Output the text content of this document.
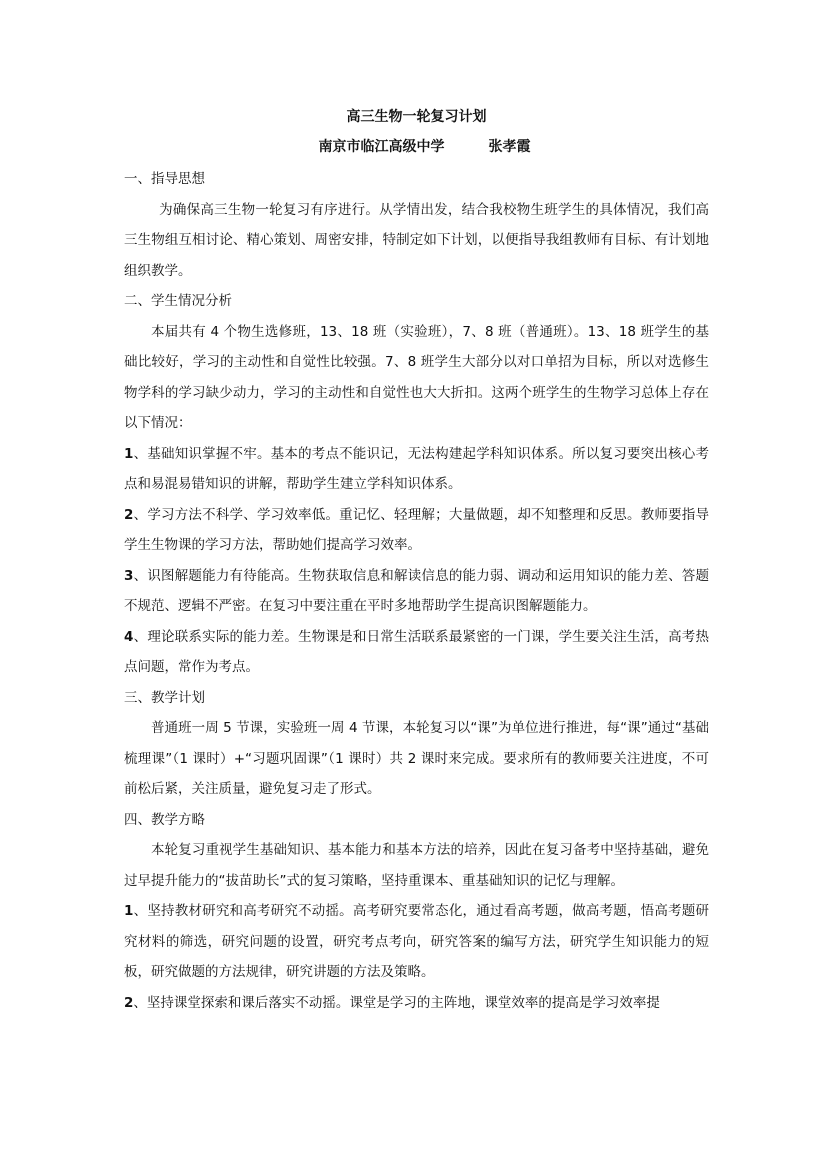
高三生物一轮复习计划
南京市临江高级中学	张孝霞

一、指导思想

为确保高三生物一轮复习有序进行。从学情出发，结合我校物生班学生的具体情况，我们高三生物组互相讨论、精心策划、周密安排，特制定如下计划，以便指导我组教师有目标、有计划地组织教学。

二、学生情况分析

本届共有 4 个物生选修班，13、18 班（实验班），7、8 班（普通班）。13、18 班学生的基础比较好，学习的主动性和自觉性比较强。7、8 班学生大部分以对口单招为目标，所以对选修生物学科的学习缺少动力，学习的主动性和自觉性也大大折扣。这两个班学生的生物学习总体上存在以下情况：

1、基础知识掌握不牢。基本的考点不能识记，无法构建起学科知识体系。所以复习要突出核心考点和易混易错知识的讲解，帮助学生建立学科知识体系。

2、学习方法不科学、学习效率低。重记忆、轻理解；大量做题，却不知整理和反思。教师要指导学生生物课的学习方法，帮助她们提高学习效率。

3、识图解题能力有待能高。生物获取信息和解读信息的能力弱、调动和运用知识的能力差、答题不规范、逻辑不严密。在复习中要注重在平时多地帮助学生提高识图解题能力。

4、理论联系实际的能力差。生物课是和日常生活联系最紧密的一门课，学生要关注生活，高考热点问题，常作为考点。

三、教学计划

普通班一周 5 节课，实验班一周 4 节课，本轮复习以“课”为单位进行推进，每“课”通过“基础梳理课”（1 课时）+“习题巩固课”（1 课时）共 2 课时来完成。要求所有的教师要关注进度，不可前松后紧，关注质量，避免复习走了形式。

四、教学方略

本轮复习重视学生基础知识、基本能力和基本方法的培养，因此在复习备考中坚持基础，避免过早提升能力的“拔苗助长”式的复习策略，坚持重课本、重基础知识的记忆与理解。

1、坚持教材研究和高考研究不动摇。高考研究要常态化，通过看高考题，做高考题，悟高考题研究材料的筛选，研究问题的设置，研究考点考向，研究答案的编写方法，研究学生知识能力的短板，研究做题的方法规律，研究讲题的方法及策略。

2、坚持课堂探索和课后落实不动摇。课堂是学习的主阵地，课堂效率的提高是学习效率提
